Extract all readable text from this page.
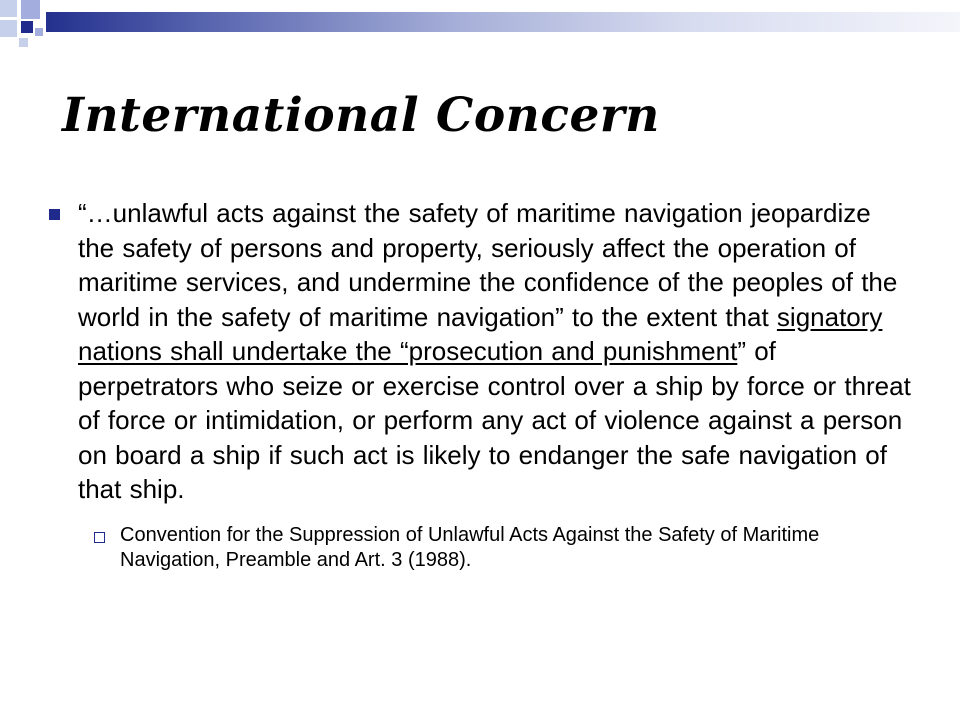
International Concern

“…unlawful acts against the safety of maritime navigation jeopardize the safety of persons and property, seriously affect the operation of maritime services, and undermine the confidence of the peoples of the world in the safety of maritime navigation” to the extent that signatory nations shall undertake the “prosecution and punishment” of perpetrators who seize or exercise control over a ship by force or threat of force or intimidation, or perform any act of violence against a person on board a ship if such act is likely to endanger the safe navigation of that ship.

Convention for the Suppression of Unlawful Acts Against the Safety of Maritime Navigation, Preamble and Art. 3 (1988).
